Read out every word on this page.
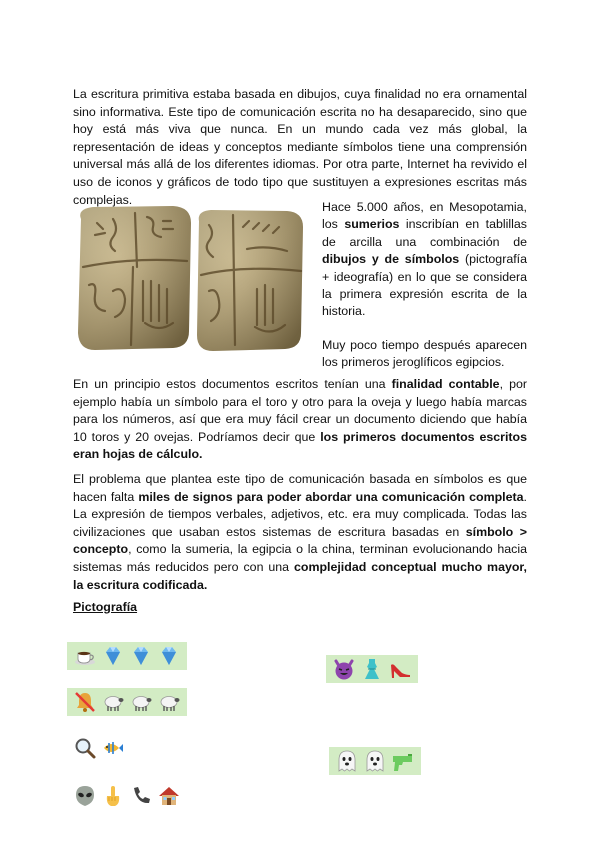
La escritura primitiva estaba basada en dibujos, cuya finalidad no era ornamental sino informativa. Este tipo de comunicación escrita no ha desaparecido, sino que hoy está más viva que nunca. En un mundo cada vez más global, la representación de ideas y conceptos mediante símbolos tiene una comprensión universal más allá de los diferentes idiomas. Por otra parte, Internet ha revivido el uso de iconos y gráficos de todo tipo que sustituyen a expresiones escritas más complejas.

Hace 5.000 años, en Mesopotamia, los sumerios inscribían en tablillas de arcilla una combinación de dibujos y de símbolos (pictografía + ideografía) en lo que se considera la primera expresión escrita de la historia.

Muy poco tiempo después aparecen los primeros jeroglíficos egipcios.

En un principio estos documentos escritos tenían una finalidad contable, por ejemplo había un símbolo para el toro y otro para la oveja y luego había marcas para los números, así que era muy fácil crear un documento diciendo que había 10 toros y 20 ovejas. Podríamos decir que los primeros documentos escritos eran hojas de cálculo.

El problema que plantea este tipo de comunicación basada en símbolos es que hacen falta miles de signos para poder abordar una comunicación completa. La expresión de tiempos verbales, adjetivos, etc. era muy complicada. Todas las civilizaciones que usaban estos sistemas de escritura basadas en símbolo > concepto, como la sumeria, la egipcia o la china, terminan evolucionando hacia sistemas más reducidos pero con una complejidad conceptual mucho mayor, la escritura codificada.

Pictografía
